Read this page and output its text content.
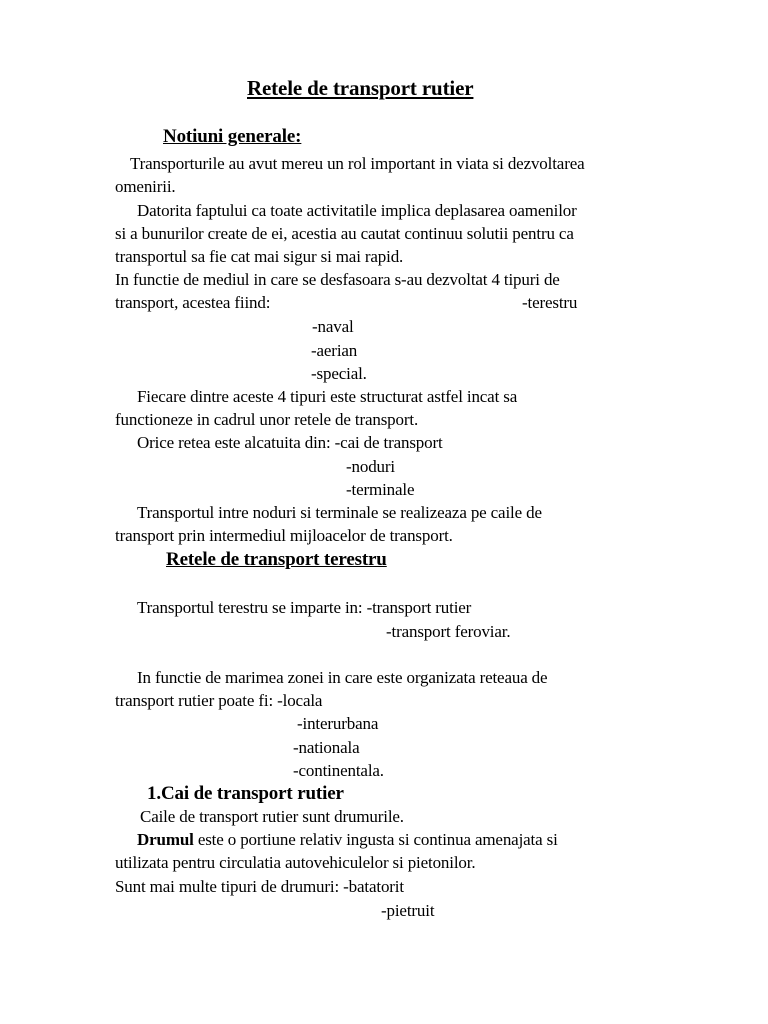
Retele de transport rutier
Notiuni generale:
Transporturile au avut mereu un rol important in viata si dezvoltarea
omenirii.
Datorita faptului ca toate activitatile implica deplasarea oamenilor
si a bunurilor create de ei, acestia au cautat continuu solutii pentru ca
transportul sa fie cat mai sigur si mai rapid.
In functie de mediul in care se desfasoara s-au dezvoltat 4 tipuri de
transport, acestea fiind:	-terestru
-naval
-aerian
-special.
Fiecare dintre aceste 4 tipuri este structurat astfel incat sa
functioneze in cadrul unor retele de transport.
Orice retea este alcatuita din: -cai de transport
-noduri
-terminale
Transportul intre noduri si terminale se realizeaza pe caile de
transport prin intermediul mijloacelor de transport.
Retele de transport terestru
Transportul terestru se imparte in: -transport rutier
-transport feroviar.
In functie de marimea zonei in care este organizata reteaua de
transport rutier poate fi: -locala
-interurbana
-nationala
-continentala.
1.Cai de transport rutier
Caile de transport rutier sunt drumurile.
Drumul este o portiune relativ ingusta si continua amenajata si
utilizata pentru circulatia autovehiculelor si pietonilor.
Sunt mai multe tipuri de drumuri: -batatorit
-pietruit
